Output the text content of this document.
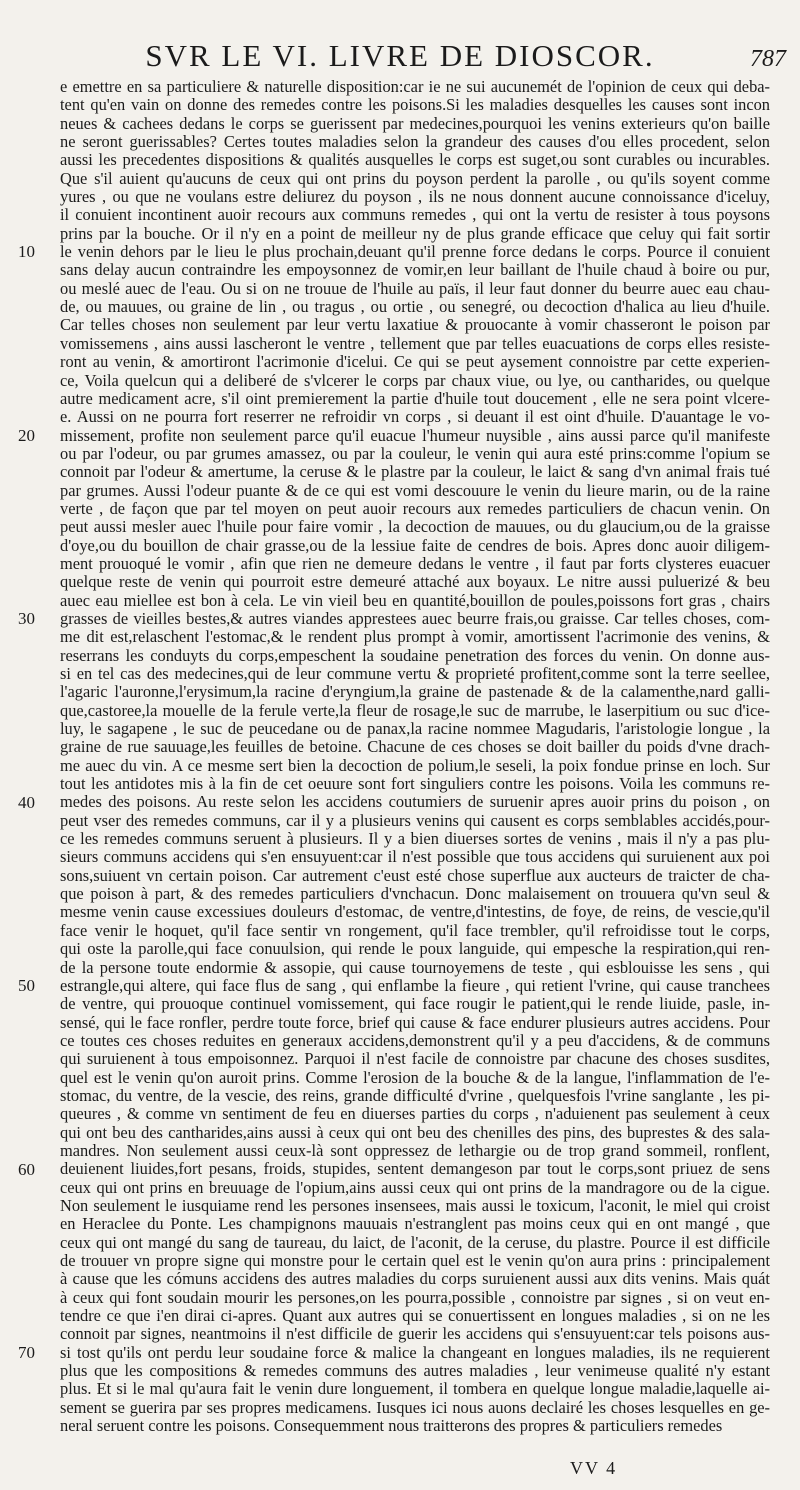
SVR LE VI. LIVRE DE DIOSCOR.	787
e emettre en sa particuliere & naturelle disposition:car ie ne sui aucunemét de l'opinion de ceux qui deba-
tent qu'en vain on donne des remedes contre les poisons.Si les maladies desquelles les causes sont incon
neues & cachees dedans le corps se guerissent par medecines,pourquoi les venins exterieurs qu'on baille
ne seront guerissables? Certes toutes maladies selon la grandeur des causes d'ou elles procedent, selon
aussi les precedentes dispositions & qualités ausquelles le corps est suget,ou sont curables ou incurables.
Que s'il auient qu'aucuns de ceux qui ont prins du poyson perdent la parolle , ou qu'ils soyent comme
yures , ou que ne voulans estre deliurez du poyson , ils ne nous donnent aucune connoissance d'iceluy,
il conuient incontinent auoir recours aux communs remedes , qui ont la vertu de resister à tous poysons
prins par la bouche. Or il n'y en a point de meilleur ny de plus grande efficace que celuy qui fait sortir
le venin dehors par le lieu le plus prochain,deuant qu'il prenne force dedans le corps. Pource il conuient
sans delay aucun contraindre les empoysonnez de vomir,en leur baillant de l'huile chaud à boire ou pur,
ou meslé auec de l'eau. Ou si on ne trouue de l'huile au païs, il leur faut donner du beurre auec eau chau-
de, ou mauues, ou graine de lin , ou tragus , ou ortie , ou senegré, ou decoction d'halica au lieu d'huile.
Car telles choses non seulement par leur vertu laxatiue & prouocante à vomir chasseront le poison par
vomissemens , ains aussi lascheront le ventre , tellement que par telles euacuations de corps elles resiste-
ront au venin, & amortiront l'acrimonie d'icelui. Ce qui se peut aysement connoistre par cette experien-
ce, Voila quelcun qui a deliberé de s'vlcerer le corps par chaux viue, ou lye, ou cantharides, ou quelque
autre medicament acre, s'il oint premierement la partie d'huile tout doucement , elle ne sera point vlcere-
e. Aussi on ne pourra fort reserrer ne refroidir vn corps , si deuant il est oint d'huile. D'auantage le vo-
missement, profite non seulement parce qu'il euacue l'humeur nuysible , ains aussi parce qu'il manifeste
ou par l'odeur, ou par grumes amassez, ou par la couleur, le venin qui aura esté prins:comme l'opium se
connoit par l'odeur & amertume, la ceruse & le plastre par la couleur, le laict & sang d'vn animal frais tué
par grumes. Aussi l'odeur puante & de ce qui est vomi descouure le venin du lieure marin, ou de la raine
verte , de façon que par tel moyen on peut auoir recours aux remedes particuliers de chacun venin. On
peut aussi mesler auec l'huile pour faire vomir , la decoction de mauues, ou du glaucium,ou de la graisse
d'oye,ou du bouillon de chair grasse,ou de la lessiue faite de cendres de bois. Apres donc auoir diligem-
ment prouoqué le vomir , afin que rien ne demeure dedans le ventre , il faut par forts clysteres euacuer
quelque reste de venin qui pourroit estre demeuré attaché aux boyaux. Le nitre aussi puluerizé & beu
auec eau miellee est bon à cela. Le vin vieil beu en quantité,bouillon de poules,poissons fort gras , chairs
grasses de vieilles bestes,& autres viandes apprestees auec beurre frais,ou graisse. Car telles choses, com-
me dit est,relaschent l'estomac,& le rendent plus prompt à vomir, amortissent l'acrimonie des venins, &
reserrans les conduyts du corps,empeschent la soudaine penetration des forces du venin. On donne aus-
si en tel cas des medecines,qui de leur commune vertu & proprieté profitent,comme sont la terre seellee,
l'agaric l'auronne,l'erysimum,la racine d'eryngium,la graine de pastenade & de la calamenthe,nard galli-
que,castoree,la mouelle de la ferule verte,la fleur de rosage,le suc de marrube, le laserpitium ou suc d'ice-
luy, le sagapene , le suc de peucedane ou de panax,la racine nommee Magudaris, l'aristologie longue , la
graine de rue sauuage,les feuilles de betoine. Chacune de ces choses se doit bailler du poids d'vne drach-
me auec du vin. A ce mesme sert bien la decoction de polium,le seseli, la poix fondue prinse en loch. Sur
tout les antidotes mis à la fin de cet oeuure sont fort singuliers contre les poisons. Voila les communs re-
medes des poisons. Au reste selon les accidens coutumiers de suruenir apres auoir prins du poison , on
peut vser des remedes communs, car il y a plusieurs venins qui causent es corps semblables accidés,pour-
ce les remedes communs seruent à plusieurs. Il y a bien diuerses sortes de venins , mais il n'y a pas plu-
sieurs communs accidens qui s'en ensuyuent:car il n'est possible que tous accidens qui suruienent aux poi
sons,suiuent vn certain poison. Car autrement c'eust esté chose superflue aux aucteurs de traicter de cha-
que poison à part, & des remedes particuliers d'vnchacun. Donc malaisement on trouuera qu'vn seul &
mesme venin cause excessiues douleurs d'estomac, de ventre,d'intestins, de foye, de reins, de vescie,qu'il
face venir le hoquet, qu'il face sentir vn rongement, qu'il face trembler, qu'il refroidisse tout le corps,
qui oste la parolle,qui face conuulsion, qui rende le poux languide, qui empesche la respiration,qui ren-
de la persone toute endormie & assopie, qui cause tournoyemens de teste , qui esblouisse les sens , qui
estrangle,qui altere, qui face flus de sang , qui enflambe la fieure , qui retient l'vrine, qui cause tranchees
de ventre, qui prouoque continuel vomissement, qui face rougir le patient,qui le rende liuide, pasle, in-
sensé, qui le face ronfler, perdre toute force, brief qui cause & face endurer plusieurs autres accidens. Pour
ce toutes ces choses reduites en generaux accidens,demonstrent qu'il y a peu d'accidens, & de communs
qui suruienent à tous empoisonnez. Parquoi il n'est facile de connoistre par chacune des choses susdites,
quel est le venin qu'on auroit prins. Comme l'erosion de la bouche & de la langue, l'inflammation de l'e-
stomac, du ventre, de la vescie, des reins, grande difficulté d'vrine , quelquesfois l'vrine sanglante , les pi-
queures , & comme vn sentiment de feu en diuerses parties du corps , n'aduienent pas seulement à ceux
qui ont beu des cantharides,ains aussi à ceux qui ont beu des chenilles des pins, des buprestes & des sala-
mandres. Non seulement aussi ceux-là sont oppressez de lethargie ou de trop grand sommeil, ronflent,
deuienent liuides,fort pesans, froids, stupides, sentent demangeson par tout le corps,sont priuez de sens
ceux qui ont prins en breuuage de l'opium,ains aussi ceux qui ont prins de la mandragore ou de la cigue.
Non seulement le iusquiame rend les persones insensees, mais aussi le toxicum, l'aconit, le miel qui croist
en Heraclee du Ponte. Les champignons mauuais n'estranglent pas moins ceux qui en ont mangé , que
ceux qui ont mangé du sang de taureau, du laict, de l'aconit, de la ceruse, du plastre. Pource il est difficile
de trouuer vn propre signe qui monstre pour le certain quel est le venin qu'on aura prins : principalement
à cause que les cómuns accidens des autres maladies du corps suruienent aussi aux dits venins. Mais quát
à ceux qui font soudain mourir les persones,on les pourra,possible , connoistre par signes , si on veut en-
tendre ce que i'en dirai ci-apres. Quant aux autres qui se conuertissent en longues maladies , si on ne les
connoit par signes, neantmoins il n'est difficile de guerir les accidens qui s'ensuyuent:car tels poisons aus-
si tost qu'ils ont perdu leur soudaine force & malice la changeant en longues maladies, ils ne requierent
plus que les compositions & remedes communs des autres maladies , leur venimeuse qualité n'y estant
plus. Et si le mal qu'aura fait le venin dure longuement, il tombera en quelque longue maladie,laquelle ai-
sement se guerira par ses propres medicamens. Iusques ici nous auons declairé les choses lesquelles en ge-
neral seruent contre les poisons. Consequemment nous traitterons des propres & particuliers remedes
10
20
30
40
50
60
70
VV 4
